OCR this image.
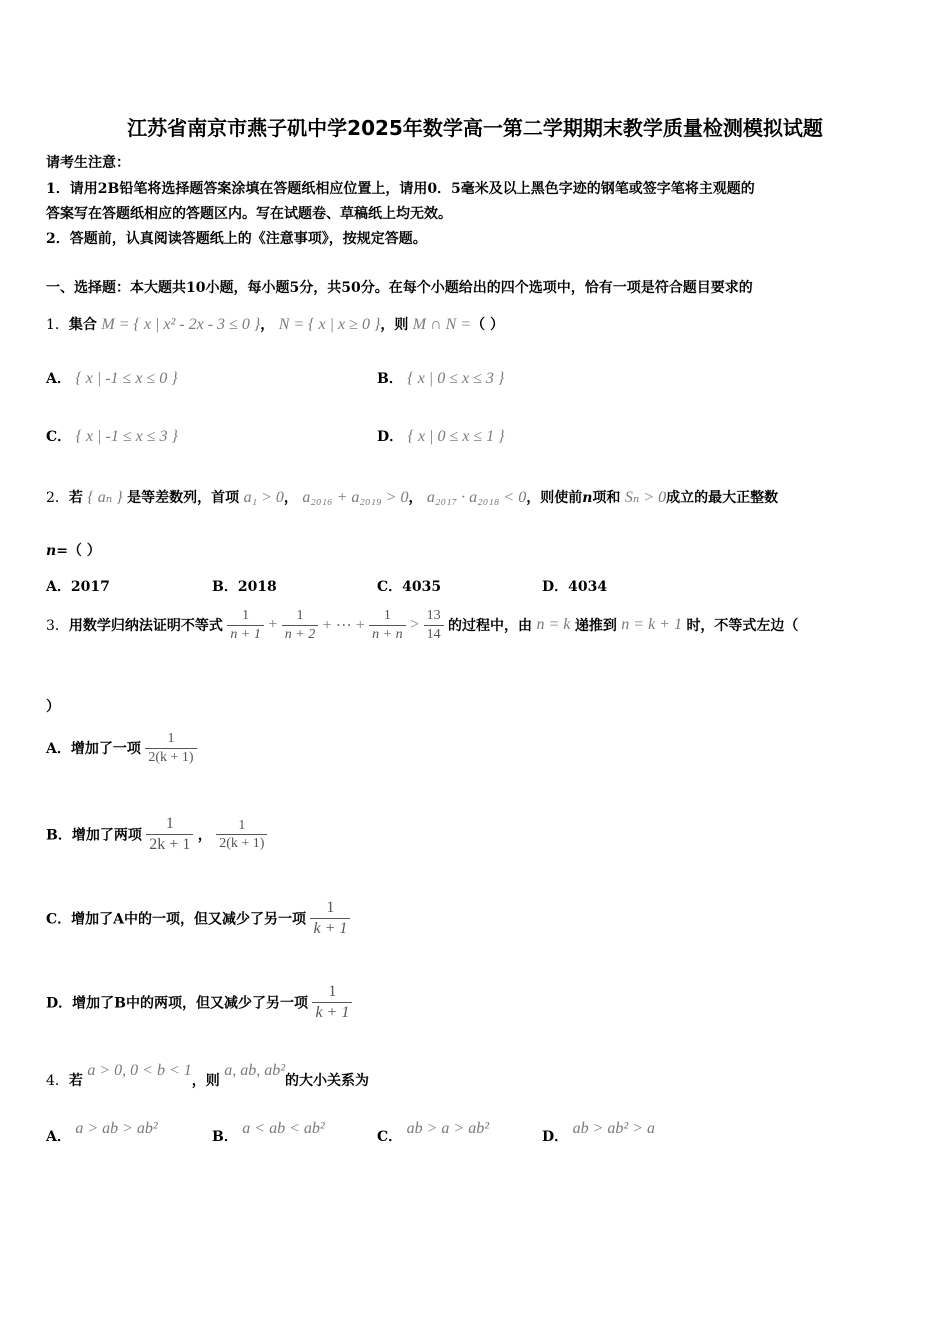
江苏省南京市燕子矶中学2025年数学高一第二学期期末教学质量检测模拟试题
请考生注意：
1．请用2B铅笔将选择题答案涂填在答题纸相应位置上，请用0．5毫米及以上黑色字迹的钢笔或签字笔将主观题的
答案写在答题纸相应的答题区内。写在试题卷、草稿纸上均无效。
2．答题前，认真阅读答题纸上的《注意事项》，按规定答题。
一、选择题：本大题共10小题，每小题5分，共50分。在每个小题给出的四个选项中，恰有一项是符合题目要求的
1．集合 M = { x | x² - 2x - 3 ≤ 0 }， N = { x | x ≥ 0 }，则 M ∩ N =（ ）
A． { x | -1 ≤ x ≤ 0 }	B． { x | 0 ≤ x ≤ 3 }
C． { x | -1 ≤ x ≤ 3 }	D． { x | 0 ≤ x ≤ 1 }
2．若 { aₙ } 是等差数列，首项 a₁ > 0， a₂₀₁₆ + a₂₀₁₉ > 0， a₂₀₁₇ · a₂₀₁₈ < 0，则使前n项和 Sₙ > 0成立的最大正整数
n=（ ）
A．2017	B．2018	C．4035	D．4034
3．用数学归纳法证明不等式 $\frac{1}{n + 1} + \frac{1}{n + 2}$ + ⋯ + $\frac{1}{n + n} > \frac{13}{14}$ 的过程中，由 n = k 递推到 n = k + 1 时，不等式左边（
）
A．增加了一项 $\frac{1}{2(k + 1)}$
B．增加了两项 $\frac{1}{2k + 1}$ ， $\frac{1}{2(k + 1)}$
C．增加了A中的一项，但又减少了另一项 $\frac{1}{k + 1}$
D．增加了B中的两项，但又减少了另一项 $\frac{1}{k + 1}$
4．若 a > 0, 0 < b < 1，则 a, ab, ab²的大小关系为
A． a > ab > ab²	B． a < ab < ab²	C． ab > a > ab²	D． ab > ab² > a
